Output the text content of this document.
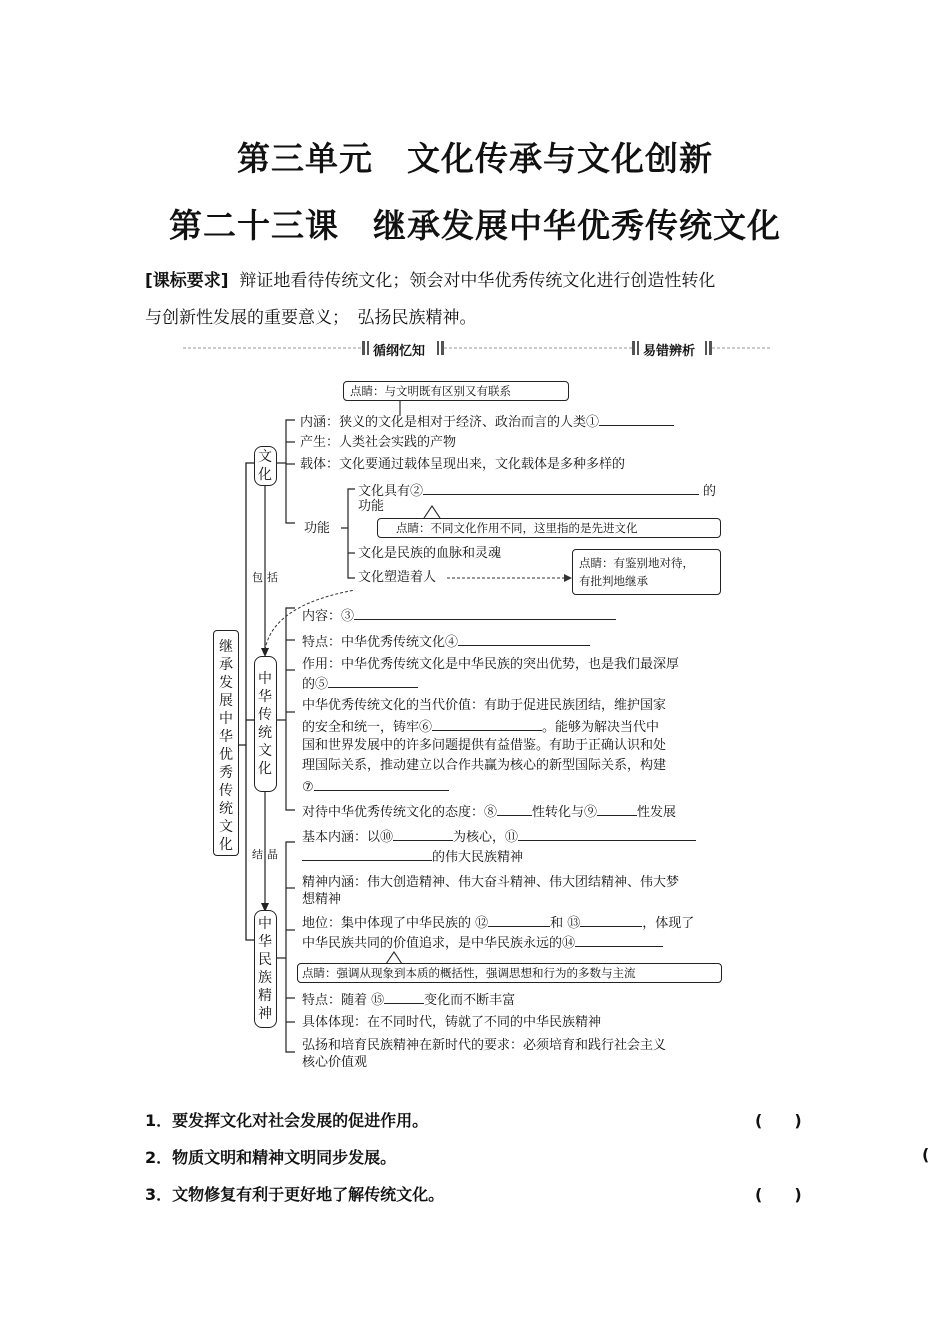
第三单元　文化传承与文化创新
第二十三课　继承发展中华优秀传统文化
[课标要求] 辩证地看待传统文化；领会对中华优秀传统文化进行创造性转化
与创新性发展的重要意义；　弘扬民族精神。
循纲忆知	易错辨析
继承发展中华优秀传统文化
文化
中华传统文化
中华民族精神
包括
结晶
点睛：与文明既有区别又有联系
内涵：狭义的文化是相对于经济、政治而言的人类①
产生：人类社会实践的产物
载体：文化要通过载体呈现出来，文化载体是多种多样的
功能
文化具有②	的
功能
点睛：不同文化作用不同，这里指的是先进文化
文化是民族的血脉和灵魂
文化塑造着人
点睛：有鉴别地对待，
有批判地继承
内容：③
特点：中华优秀传统文化④
作用：中华优秀传统文化是中华民族的突出优势，也是我们最深厚
的⑤
中华优秀传统文化的当代价值：有助于促进民族团结，维护国家
的安全和统一，铸牢⑥	。能够为解决当代中
国和世界发展中的许多问题提供有益借鉴。有助于正确认识和处
理国际关系，推动建立以合作共赢为核心的新型国际关系，构建
⑦
对待中华优秀传统文化的态度：⑧	性转化与⑨	性发展
基本内涵：以⑩	为核心，⑪
的伟大民族精神
精神内涵：伟大创造精神、伟大奋斗精神、伟大团结精神、伟大梦
想精神
地位：集中体现了中华民族的 ⑫	和 ⑬	，体现了
中华民族共同的价值追求，是中华民族永远的⑭
点睛：强调从现象到本质的概括性，强调思想和行为的多数与主流
特点：随着 ⑮	变化而不断丰富
具体体现：在不同时代，铸就了不同的中华民族精神
弘扬和培育民族精神在新时代的要求：必须培育和践行社会主义
核心价值观
1．要发挥文化对社会发展的促进作用。	(　　)
2．物质文明和精神文明同步发展。	(
3．文物修复有利于更好地了解传统文化。	(　　)
